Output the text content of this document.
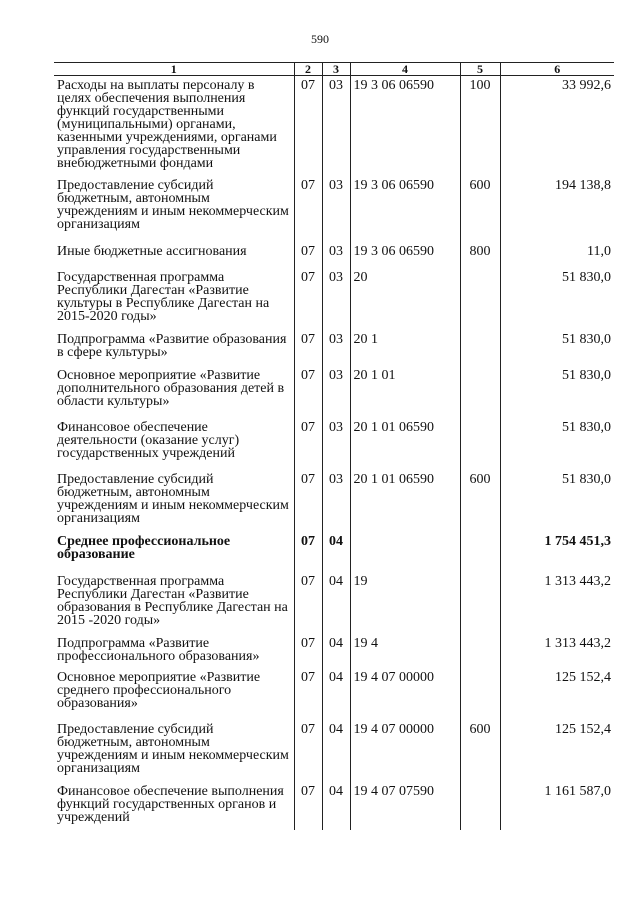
590
1	2	3	4	5	6
Расходы на выплаты персоналу в целях обеспечения выполнения функций государственными (муниципальными) органами, казенными учреждениями, органами управления государственными внебюджетными фондами	07	03	19 3 06 06590	100	33 992,6
Предоставление субсидий бюджетным, автономным учреждениям и иным некоммерческим организациям	07	03	19 3 06 06590	600	194 138,8
Иные бюджетные ассигнования	07	03	19 3 06 06590	800	11,0
Государственная программа Республики Дагестан «Развитие культуры в Республике Дагестан на 2015-2020 годы»	07	03	20		51 830,0
Подпрограмма «Развитие образования в сфере культуры»	07	03	20 1		51 830,0
Основное мероприятие «Развитие дополнительного образования детей в области культуры»	07	03	20 1 01		51 830,0
Финансовое обеспечение деятельности (оказание услуг) государственных учреждений	07	03	20 1 01 06590		51 830,0
Предоставление субсидий бюджетным, автономным учреждениям и иным некоммерческим организациям	07	03	20 1 01 06590	600	51 830,0
Среднее профессиональное образование	07	04			1 754 451,3
Государственная программа Республики Дагестан «Развитие образования в Республике Дагестан на 2015 -2020 годы»	07	04	19		1 313 443,2
Подпрограмма «Развитие профессионального образования»	07	04	19 4		1 313 443,2
Основное мероприятие «Развитие среднего профессионального образования»	07	04	19 4 07 00000		125 152,4
Предоставление субсидий бюджетным, автономным учреждениям и иным некоммерческим организациям	07	04	19 4 07 00000	600	125 152,4
Финансовое обеспечение выполнения функций государственных органов и учреждений	07	04	19 4 07 07590		1 161 587,0
